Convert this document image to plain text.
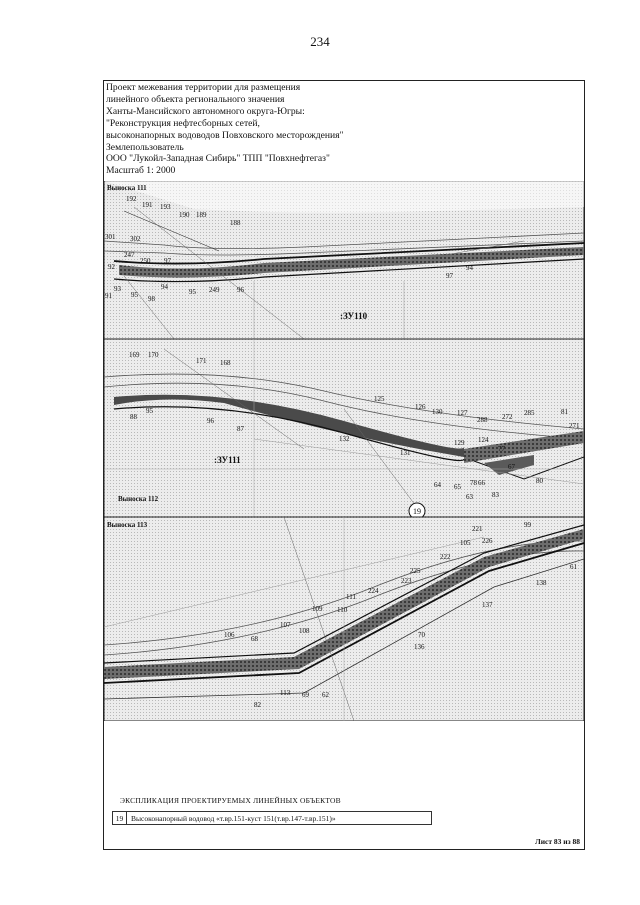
234
Проект межевания территории для размещения
линейного объекта регионального значения
Ханты-Мансийского автономного округа-Югры:
"Реконструкция нефтесборных сетей,
высоконапорных водоводов Повховского месторождения"
Землепользователь
ООО "Лукойл-Западная Сибирь" ТПП "Повхнефтегаз"
Масштаб 1: 2000
Выноска 111
:ЗУ110
192
191 193
190 189
188
301 302
247
250
97
97
94
92
93	94
91	95 98
95 249	96
Выноска 112
:ЗУ111
19
169 170
171 168
88
95
96
87
125
132
126
130 127
288 272 285	81
271
131
129 124
77
67
64 65 78 66
63	83
80
Выноска 113	221	99
105 226
222
225
223
224
111
61
138
137
109 110
107
108
106 68	70
136
113 69 62
82
ЭКСПЛИКАЦИЯ ПРОЕКТИРУЕМЫХ ЛИНЕЙНЫХ ОБЪЕКТОВ
19	Высоконапорный водовод «т.вр.151-куст 151(т.вр.147-т.вр.151)»
Лист 83 из 88
